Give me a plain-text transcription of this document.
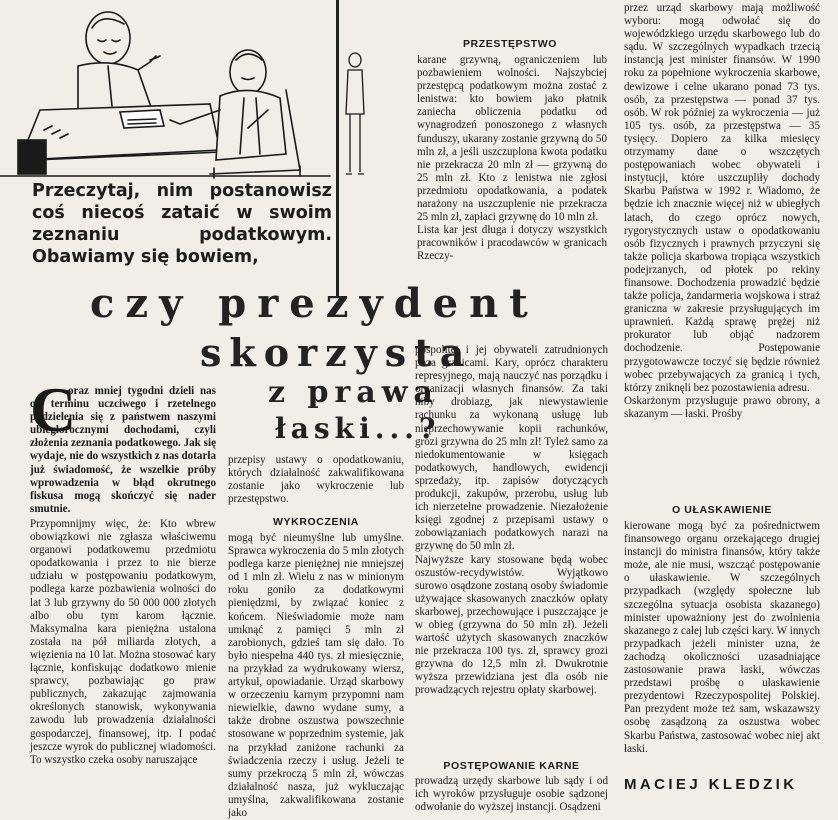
Przeczytaj, nim postanowisz coś niecoś zataić w swoim zeznaniu podatkowym. Obawiamy się bowiem,
PRZESTĘPSTWO
karane grzywną, ograniczeniem lub pozbawieniem wolności. Najszybciej przestępcą podatkowym można zostać z lenistwa: kto bowiem jako płatnik zaniecha obliczenia podatku od wynagrodzeń ponoszonego z własnych funduszy, ukarany zostanie grzywną do 50 mln zł, a jeśli uszczuplona kwota podatku nie przekracza 20 mln zł — grzywną do 25 mln zł. Kto z lenistwa nie zgłosi przedmiotu opodatkowania, a podatek narażony na uszczuplenie nie przekracza 25 mln zł, zapłaci grzywnę do 10 mln zł.
Lista kar jest długa i dotyczy wszystkich pracowników i pracodawców w granicach Rzeczy-
przez urząd skarbowy mają możliwość wyboru: mogą odwołać się do wojewódzkiego urzędu skarbowego lub do sądu. W szczególnych wypadkach trzecią instancją jest minister finansów. W 1990 roku za popełnione wykroczenia skarbowe, dewizowe i celne ukarano ponad 73 tys. osób, za przestępstwa — ponad 37 tys. osób. W rok później za wykroczenia — już 105 tys. osób, za przestępstwa — 35 tysięcy. Dopiero za kilka miesięcy otrzymamy dane o wszczętych postępowaniach wobec obywateli i instytucji, które uszczupliły dochody Skarbu Państwa w 1992 r. Wiadomo, że będzie ich znacznie więcej niż w ubiegłych latach, do czego oprócz nowych, rygorystycznych ustaw o opodatkowaniu osób fizycznych i prawnych przyczyni się także policja skarbowa tropiąca wszystkich podejrzanych, od płotek po rekiny finansowe. Dochodzenia prowadzić będzie także policja, żandarmeria wojskowa i straż graniczna w zakresie przysługujących im uprawnień. Każdą sprawę prężej niż prokurator lub objąć nadzorem dochodzenie. Postępowanie przygotowawcze toczyć się będzie również wobec przebywających za granicą i tych, którzy zniknęli bez pozostawienia adresu.
Oskarżonym przysługuje prawo obrony, a skazanym — łaski. Prośby
czy prezydent
skorzysta
z prawa
łaski...?
C
oraz mniej tygodni dzieli nas od terminu uczciwego i rzetelnego podzielenia się z państwem naszymi ubiegłorocznymi dochodami, czyli złożenia zeznania podatkowego. Jak się wydaje, nie do wszystkich z nas dotarła już świadomość, że wszelkie próby wprowadzenia w błąd okrutnego fiskusa mogą skończyć się nader smutnie.
Przypomnijmy więc, że: Kto wbrew obowiązkowi nie zgłasza właściwemu organowi podatkowemu przedmiotu opodatkowania i przez to nie bierze udziału w postępowaniu podatkowym, podlega karze pozbawienia wolności do lat 3 lub grzywny do 50 000 000 złotych albo obu tym karom łącznie. Maksymalna kara pieniężna ustalona została na pół miliarda złotych, a więzienia na 10 lat. Można stosować kary łącznie, konfiskując dodatkowo mienie sprawcy, pozbawiając go praw publicznych, zakazując zajmowania określonych stanowisk, wykonywania zawodu lub prowadzenia działalności gospodarczej, finansowej, itp. I podać jeszcze wyrok do publicznej wiadomości. To wszystko czeka osoby naruszające
przepisy ustawy o opodatkowaniu, których działalność zakwalifikowana zostanie jako wykroczenie lub przestępstwo.
WYKROCZENIA
mogą być nieumyślne lub umyślne. Sprawca wykroczenia do 5 mln złotych podlega karze pieniężnej nie mniejszej od 1 mln zł. Wielu z nas w minionym roku goniło za dodatkowymi pieniędzmi, by związać koniec z końcem. Nieświadomie może nam umknąć z pamięci 5 mln zł zarobionych, gdzieś tam się dało. To było niespełna 440 tys. zł miesięcznie, na przykład za wydrukowany wiersz, artykuł, opowiadanie. Urząd skarbowy w orzeczeniu karnym przypomni nam niewielkie, dawno wydane sumy, a także drobne oszustwa powszechnie stosowane w poprzednim systemie, jak na przykład zaniżone rachunki za świadczenia rzeczy i usług. Jeżeli te sumy przekroczą 5 mln zł, wówczas działalność nasza, już wykluczając umyślna, zakwalifikowana zostanie jako
pospolitej i jej obywateli zatrudnionych poza granicami. Kary, oprócz charakteru represyjnego, mają nauczyć nas porządku i organizacji własnych finansów. Za taki niby drobiazg, jak niewystawienie rachunku za wykonaną usługę lub nieprzechowywanie kopii rachunków, grozi grzywna do 25 mln zł! Tyleż samo za niedokumentowanie w księgach podatkowych, handlowych, ewidencji sprzedaży, itp. zapisów dotyczących produkcji, zakupów, przerobu, usług lub ich nierzetelne prowadzenie. Niezałożenie księgi zgodnej z przepisami ustawy o zobowiązaniach podatkowych narazi na grzywnę do 50 mln zł.
Najwyższe kary stosowane będą wobec oszustów-recydywistów. Wyjątkowo surowo osądzone zostaną osoby świadomie używające skasowanych znaczków opłaty skarbowej, przechowujące i puszczające je w obieg (grzywna do 50 mln zł). Jeżeli wartość użytych skasowanych znaczków nie przekracza 100 tys. zł, sprawcy grozi grzywna do 12,5 mln zł. Dwukrotnie wyższa przewidziana jest dla osób nie prowadzących rejestru opłaty skarbowej.
POSTĘPOWANIE KARNE
prowadzą urzędy skarbowe lub sądy i od ich wyroków przysługuje osobie sądzonej odwołanie do wyższej instancji. Osądzeni
O UŁASKAWIENIE
kierowane mogą być za pośrednictwem finansowego organu orzekającego drugiej instancji do ministra finansów, który także może, ale nie musi, wszcząć postępowanie o ułaskawienie. W szczególnych przypadkach (względy społeczne lub szczególna sytuacja osobista skazanego) minister upoważniony jest do zwolnienia skazanego z całej lub części kary. W innych przypadkach jeżeli minister uzna, że zachodzą okoliczności uzasadniające zastosowanie prawa łaski, wówczas przedstawi prośbę o ułaskawienie prezydentowi Rzeczypospolitej Polskiej. Pan prezydent może też sam, wskazawszy osobę zasądzoną za oszustwa wobec Skarbu Państwa, zastosować wobec niej akt łaski.
MACIEJ KLEDZIK
